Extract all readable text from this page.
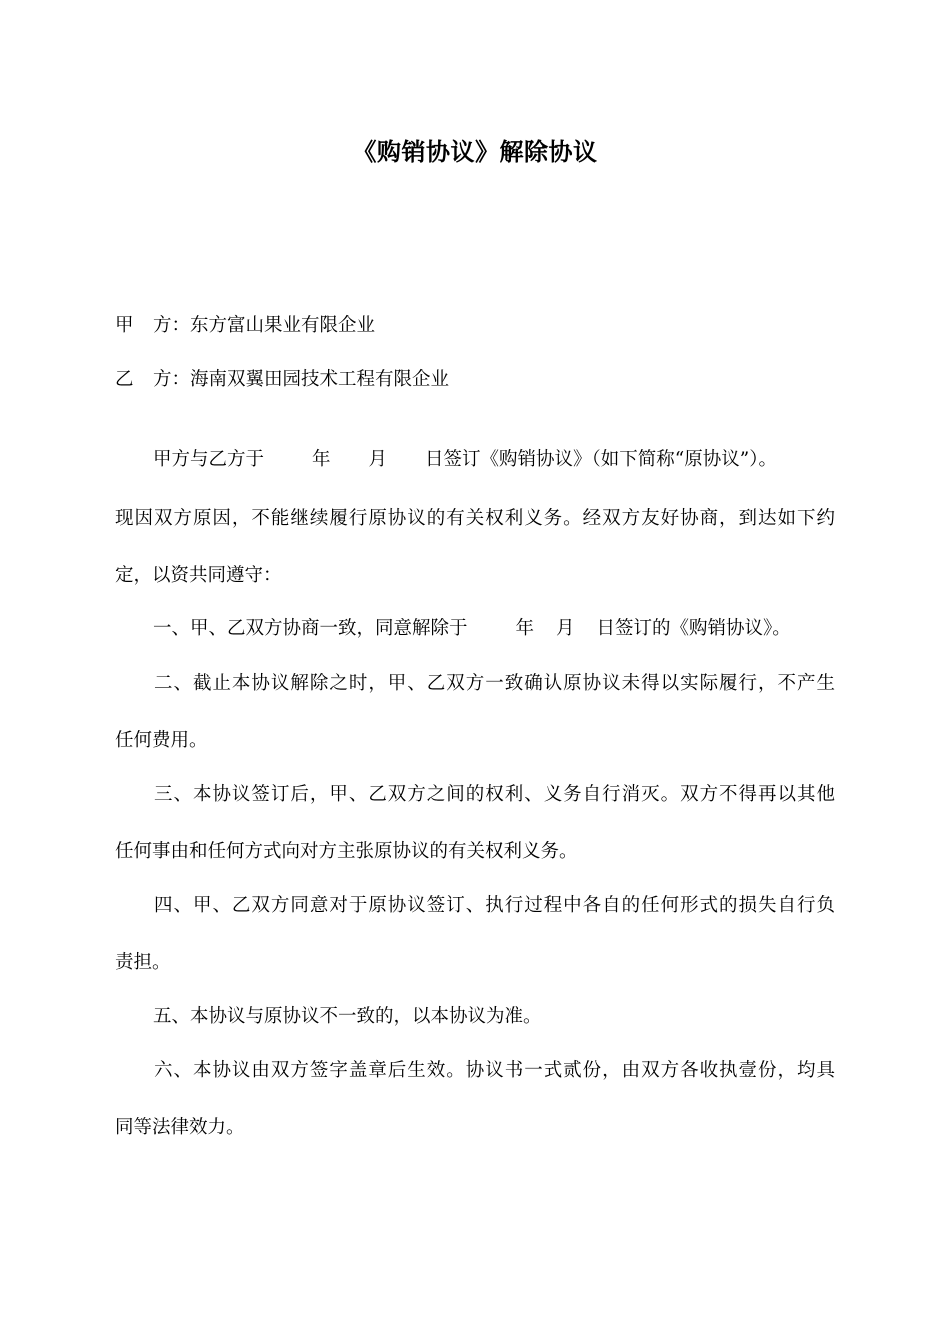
《购销协议》解除协议
甲 方：东方富山果业有限企业
乙 方：海南双翼田园技术工程有限企业
甲方与乙方于	年 月 日签订《购销协议》（如下简称“原协议”）。
现因双方原因，不能继续履行原协议的有关权利义务。经双方友好协商，到达如下约
定，以资共同遵守：
一、甲、乙双方协商一致，同意解除于	年 月 日签订的《购销协议》。
二、截止本协议解除之时，甲、乙双方一致确认原协议未得以实际履行，不产生
任何费用。
三、本协议签订后，甲、乙双方之间的权利、义务自行消灭。双方不得再以其他
任何事由和任何方式向对方主张原协议的有关权利义务。
四、甲、乙双方同意对于原协议签订、执行过程中各自的任何形式的损失自行负
责担。
五、本协议与原协议不一致的，以本协议为准。
六、本协议由双方签字盖章后生效。协议书一式贰份，由双方各收执壹份，均具
同等法律效力。
